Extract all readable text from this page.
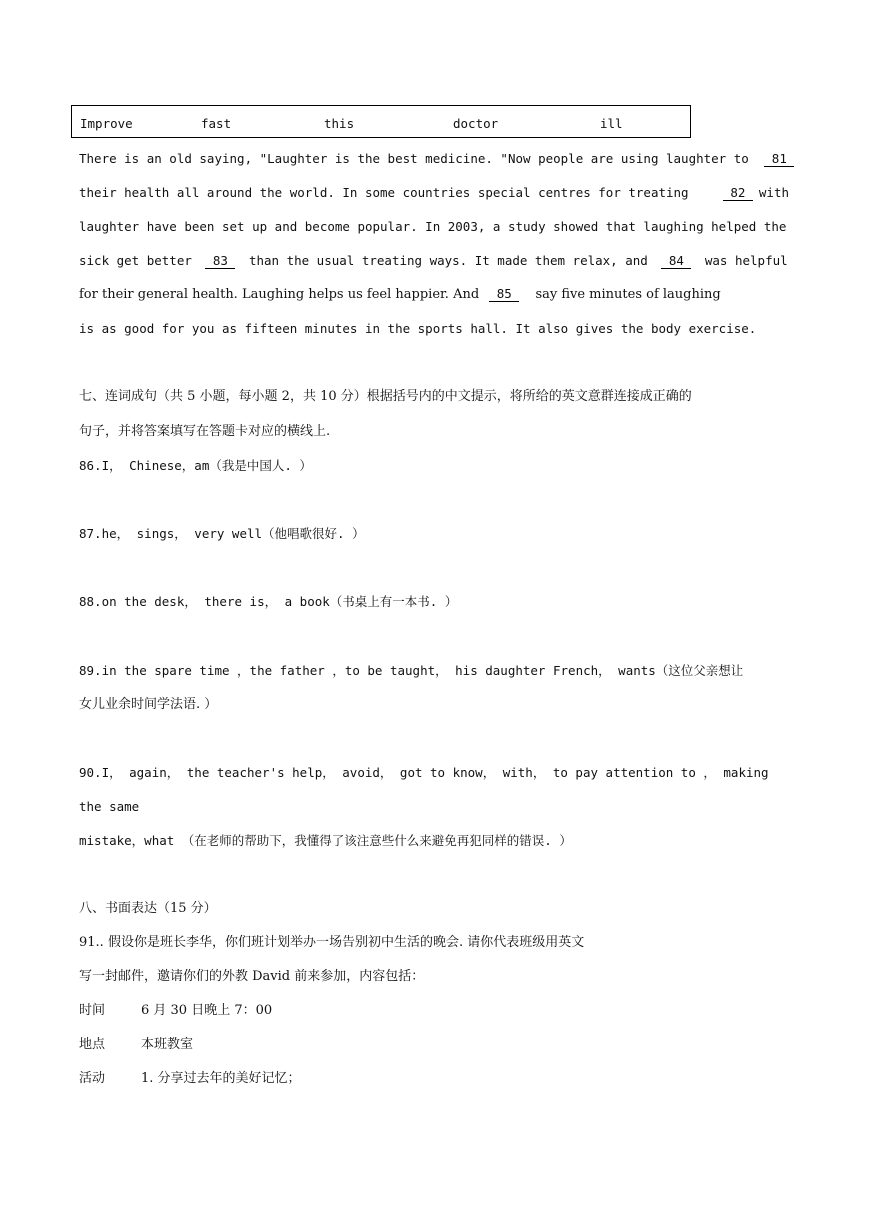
Improve	fast	this	doctor	ill
There is an old saying, "Laughter is the best medicine. "Now people are using laughter to 81
their health all around the world. In some countries special centres for treating	82 with
laughter have been set up and become popular. In 2003, a study showed that laughing helped the
sick get better 83 than the usual treating ways. It made them relax, and 84 was helpful
for their general health. Laughing helps us feel happier. And 85 say five minutes of laughing
is as good for you as fifteen minutes in the sports hall. It also gives the body exercise.
七、连词成句（共 5 小题，每小题 2，共 10 分）根据括号内的中文提示，将所给的英文意群连接成正确的
句子，并将答案填写在答题卡对应的横线上.
86.I， Chinese，am（我是中国人. ）
87.he， sings， very well（他唱歌很好. ）
88.on the desk， there is， a book（书桌上有一本书. ）
89.in the spare time ，the father ，to be taught， his daughter French， wants（这位父亲想让
女儿业余时间学法语. ）
90.I， again， the teacher's help， avoid， got to know， with， to pay attention to ， making
the same
mistake，what （在老师的帮助下，我懂得了该注意些什么来避免再犯同样的错误. ）
八、书面表达（15 分）
91.. 假设你是班长李华，你们班计划举办一场告别初中生活的晚会. 请你代表班级用英文
写一封邮件，邀请你们的外教 David 前来参加，内容包括：
时间	6 月 30 日晚上 7：00
地点	本班教室
活动	1. 分享过去年的美好记忆；
